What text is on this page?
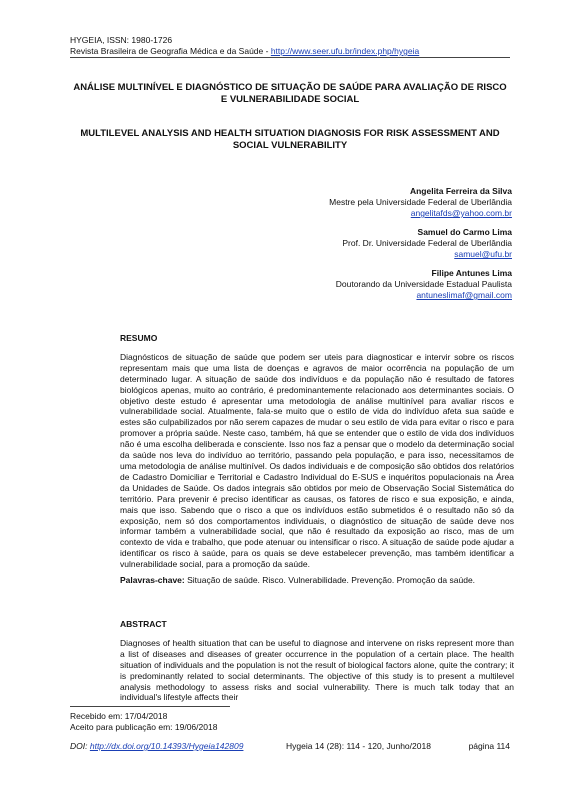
HYGEIA, ISSN: 1980-1726
Revista Brasileira de Geografia Médica e da Saúde - http://www.seer.ufu.br/index.php/hygeia
ANÁLISE MULTINÍVEL E DIAGNÓSTICO DE SITUAÇÃO DE SAÚDE PARA AVALIAÇÃO DE RISCO E VULNERABILIDADE SOCIAL
MULTILEVEL ANALYSIS AND HEALTH SITUATION DIAGNOSIS FOR RISK ASSESSMENT AND SOCIAL VULNERABILITY
Angelita Ferreira da Silva
Mestre pela Universidade Federal de Uberlândia
angelitafds@yahoo.com.br
Samuel do Carmo Lima
Prof. Dr. Universidade Federal de Uberlândia
samuel@ufu.br
Filipe Antunes Lima
Doutorando da Universidade Estadual Paulista
antuneslimaf@gmail.com
RESUMO

Diagnósticos de situação de saúde que podem ser uteis para diagnosticar e intervir sobre os riscos representam mais que uma lista de doenças e agravos de maior ocorrência na população de um determinado lugar. A situação de saúde dos indivíduos e da população não é resultado de fatores biológicos apenas, muito ao contrário, é predominantemente relacionado aos determinantes sociais. O objetivo deste estudo é apresentar uma metodologia de análise multinível para avaliar riscos e vulnerabilidade social. Atualmente, fala-se muito que o estilo de vida do indivíduo afeta sua saúde e estes são culpabilizados por não serem capazes de mudar o seu estilo de vida para evitar o risco e para promover a própria saúde. Neste caso, também, há que se entender que o estilo de vida dos indivíduos não é uma escolha deliberada e consciente. Isso nos faz a pensar que o modelo da determinação social da saúde nos leva do indivíduo ao território, passando pela população, e para isso, necessitamos de uma metodologia de análise multinível. Os dados individuais e de composição são obtidos dos relatórios de Cadastro Domiciliar e Territorial e Cadastro Individual do E-SUS e inquéritos populacionais na Área da Unidades de Saúde. Os dados integrais são obtidos por meio de Observação Social Sistemática do território. Para prevenir é preciso identificar as causas, os fatores de risco e sua exposição, e ainda, mais que isso. Sabendo que o risco a que os indivíduos estão submetidos é o resultado não só da exposição, nem só dos comportamentos individuais, o diagnóstico de situação de saúde deve nos informar também a vulnerabilidade social, que não é resultado da exposição ao risco, mas de um contexto de vida e trabalho, que pode atenuar ou intensificar o risco. A situação de saúde pode ajudar a identificar os risco à saúde, para os quais se deve estabelecer prevenção, mas também identificar a vulnerabilidade social, para a promoção da saúde.

Palavras-chave: Situação de saúde. Risco. Vulnerabilidade. Prevenção. Promoção da saúde.

ABSTRACT

Diagnoses of health situation that can be useful to diagnose and intervene on risks represent more than a list of diseases and diseases of greater occurrence in the population of a certain place. The health situation of individuals and the population is not the result of biological factors alone, quite the contrary; it is predominantly related to social determinants. The objective of this study is to present a multilevel analysis methodology to assess risks and social vulnerability. There is much talk today that an individual's lifestyle affects their

Recebido em: 17/04/2018
Aceito para publicação em: 19/06/2018
DOI: http://dx.doi.org/10.14393/Hygeia142809	Hygeia 14 (28): 114 - 120, Junho/2018	página 114
